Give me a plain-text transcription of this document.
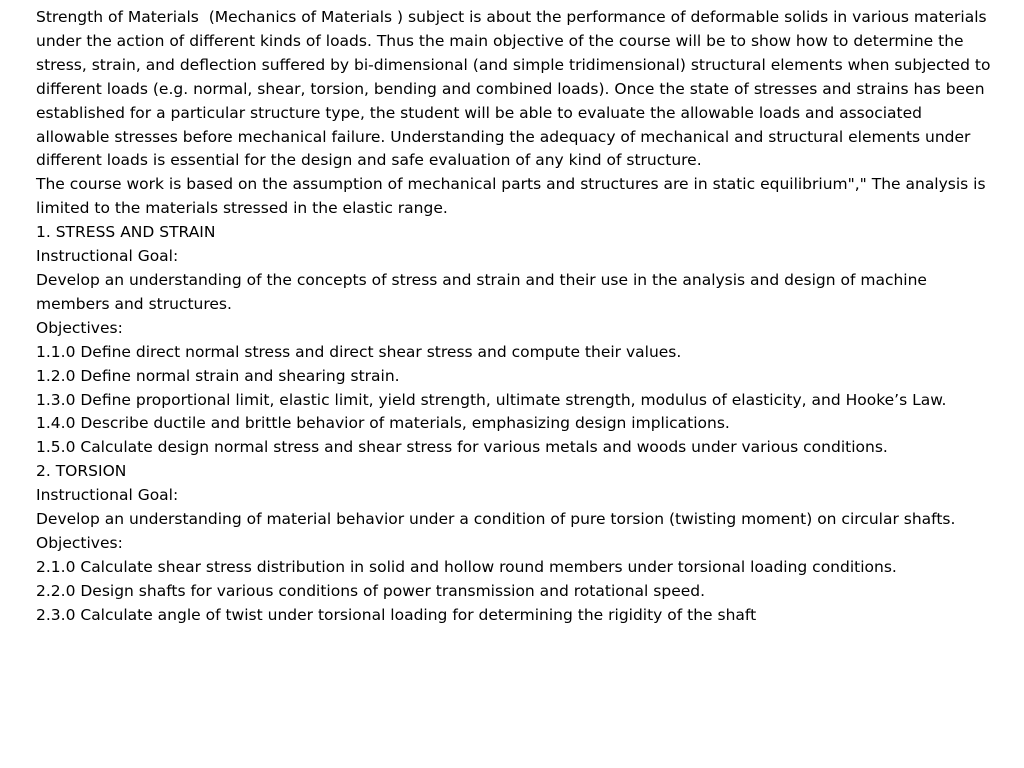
Strength of Materials  (Mechanics of Materials ) subject is about the performance of deformable solids in various materials under the action of different kinds of loads. Thus the main objective of the course will be to show how to determine the stress, strain, and deflection suffered by bi-dimensional (and simple tridimensional) structural elements when subjected to different loads (e.g. normal, shear, torsion, bending and combined loads). Once the state of stresses and strains has been established for a particular structure type, the student will be able to evaluate the allowable loads and associated allowable stresses before mechanical failure. Understanding the adequacy of mechanical and structural elements under different loads is essential for the design and safe evaluation of any kind of structure.

The course work is based on the assumption of mechanical parts and structures are in static equilibrium"," The analysis is limited to the materials stressed in the elastic range.

1. STRESS AND STRAIN

Instructional Goal:

Develop an understanding of the concepts of stress and strain and their use in the analysis and design of machine members and structures.

Objectives:

1.1.0 Define direct normal stress and direct shear stress and compute their values.

1.2.0 Define normal strain and shearing strain.

1.3.0 Define proportional limit, elastic limit, yield strength, ultimate strength, modulus of elasticity, and Hooke’s Law.

1.4.0 Describe ductile and brittle behavior of materials, emphasizing design implications.

1.5.0 Calculate design normal stress and shear stress for various metals and woods under various conditions.

2. TORSION

Instructional Goal:

Develop an understanding of material behavior under a condition of pure torsion (twisting moment) on circular shafts.

Objectives:

2.1.0 Calculate shear stress distribution in solid and hollow round members under torsional loading conditions.

2.2.0 Design shafts for various conditions of power transmission and rotational speed.

2.3.0 Calculate angle of twist under torsional loading for determining the rigidity of the shaft
